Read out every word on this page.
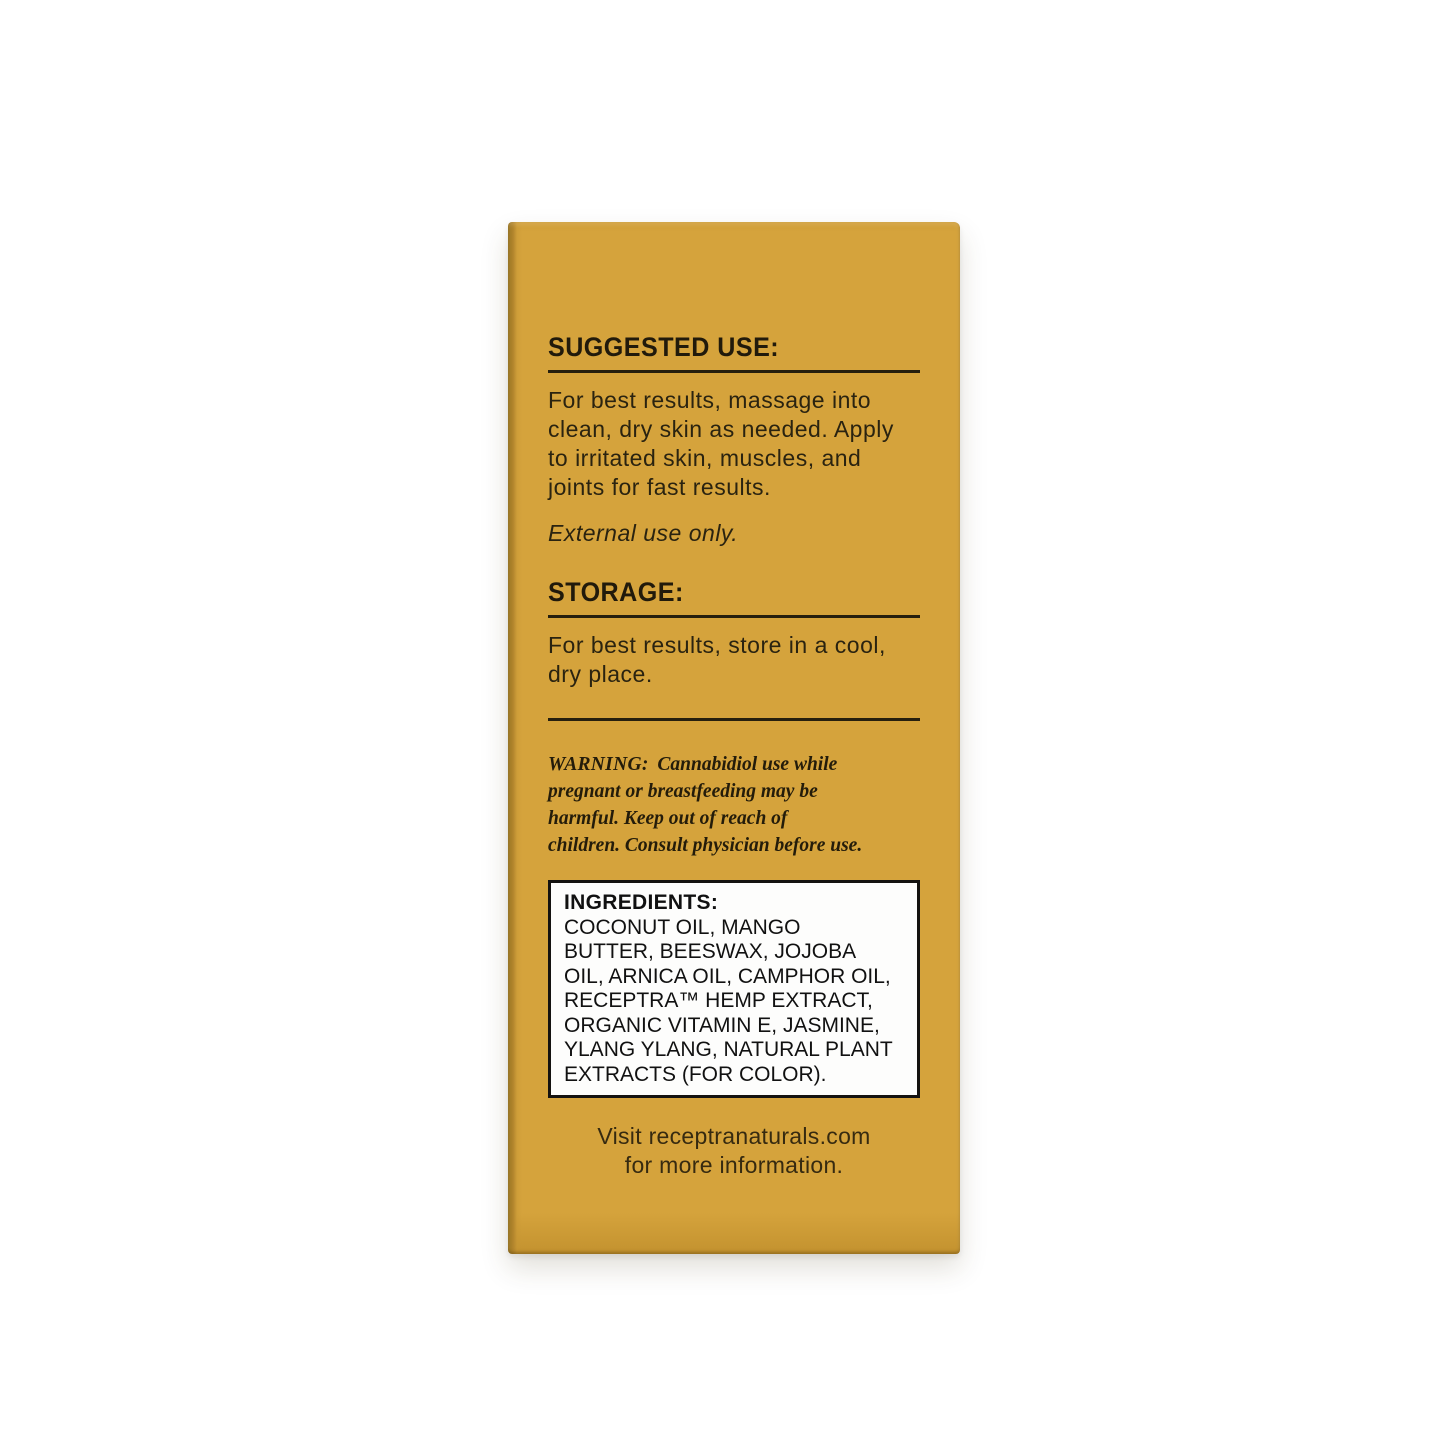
SUGGESTED USE:
For best results, massage into
clean, dry skin as needed. Apply
to irritated skin, muscles, and
joints for fast results.
External use only.
STORAGE:
For best results, store in a cool,
dry place.
WARNING: Cannabidiol use while
pregnant or breastfeeding may be
harmful. Keep out of reach of
children. Consult physician before use.
INGREDIENTS:
COCONUT OIL, MANGO
BUTTER, BEESWAX, JOJOBA
OIL, ARNICA OIL, CAMPHOR OIL,
RECEPTRA™ HEMP EXTRACT,
ORGANIC VITAMIN E, JASMINE,
YLANG YLANG, NATURAL PLANT
EXTRACTS (FOR COLOR).
Visit receptranaturals.com
for more information.
